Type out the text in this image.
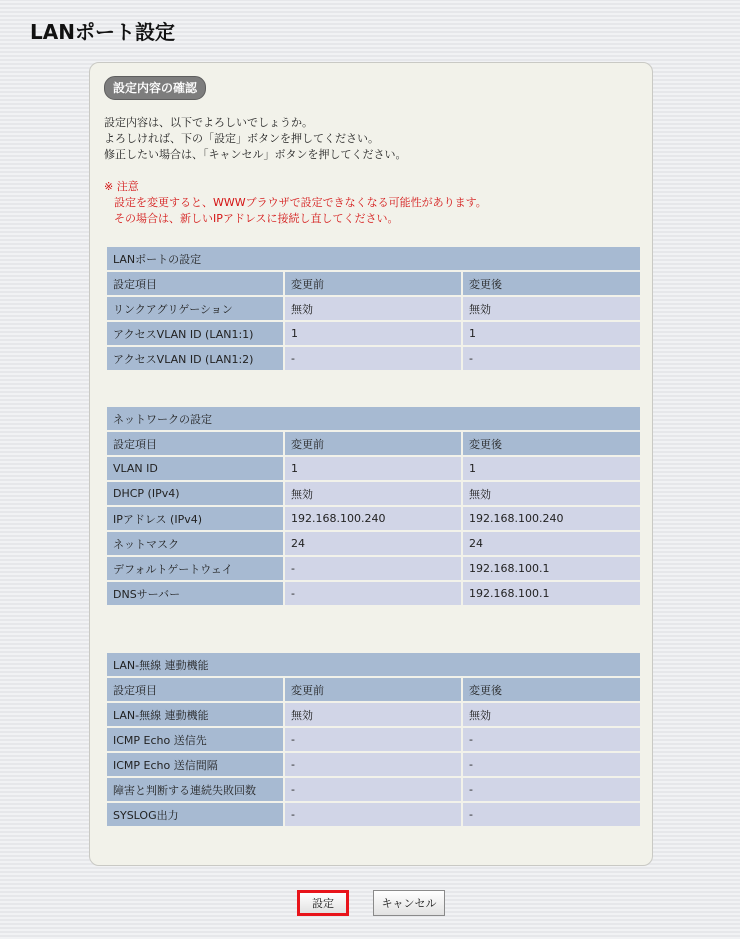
LANポート設定
設定内容の確認
設定内容は、以下でよろしいでしょうか。
よろしければ、下の「設定」ボタンを押してください。
修正したい場合は、「キャンセル」ボタンを押してください。
※ 注意
設定を変更すると、WWWブラウザで設定できなくなる可能性があります。
その場合は、新しいIPアドレスに接続し直してください。
LANポートの設定		
設定項目	変更前	変更後
リンクアグリゲーション	無効	無効
アクセスVLAN ID (LAN1:1)	1	1
アクセスVLAN ID (LAN1:2)	-	-
ネットワークの設定		
設定項目	変更前	変更後
VLAN ID	1	1
DHCP (IPv4)	無効	無効
IPアドレス (IPv4)	192.168.100.240	192.168.100.240
ネットマスク	24	24
デフォルトゲートウェイ	-	192.168.100.1
DNSサーバー	-	192.168.100.1
LAN-無線 連動機能		
設定項目	変更前	変更後
LAN-無線 連動機能	無効	無効
ICMP Echo 送信先	-	-
ICMP Echo 送信間隔	-	-
障害と判断する連続失敗回数	-	-
SYSLOG出力	-	-
設定	キャンセル
